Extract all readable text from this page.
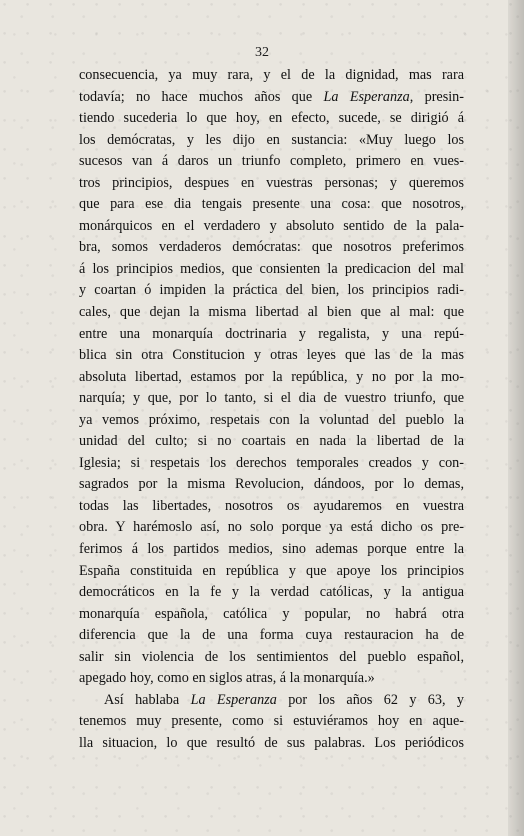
32
consecuencia, ya muy rara, y el de la dignidad, mas rara
todavía; no hace muchos años que La Esperanza, presin-
tiendo sucederia lo que hoy, en efecto, sucede, se dirigió á
los demócratas, y les dijo en sustancia: «Muy luego los
sucesos van á daros un triunfo completo, primero en vues-
tros principios, despues en vuestras personas; y queremos
que para ese dia tengais presente una cosa: que nosotros,
monárquicos en el verdadero y absoluto sentido de la pala-
bra, somos verdaderos demócratas: que nosotros preferimos
á los principios medios, que consienten la predicacion del mal
y coartan ó impiden la práctica del bien, los principios radi-
cales, que dejan la misma libertad al bien que al mal: que
entre una monarquía doctrinaria y regalista, y una repú-
blica sin otra Constitucion y otras leyes que las de la mas
absoluta libertad, estamos por la república, y no por la mo-
narquía; y que, por lo tanto, si el dia de vuestro triunfo, que
ya vemos próximo, respetais con la voluntad del pueblo la
unidad del culto; si no coartais en nada la libertad de la
Iglesia; si respetais los derechos temporales creados y con-
sagrados por la misma Revolucion, dándoos, por lo demas,
todas las libertades, nosotros os ayudaremos en vuestra
obra. Y harémoslo así, no solo porque ya está dicho os pre-
ferimos á los partidos medios, sino ademas porque entre la
España constituida en república y que apoye los principios
democráticos en la fe y la verdad católicas, y la antigua
monarquía española, católica y popular, no habrá otra
diferencia que la de una forma cuya restauracion ha de
salir sin violencia de los sentimientos del pueblo español,
apegado hoy, como en siglos atras, á la monarquía.»
Así hablaba La Esperanza por los años 62 y 63, y
tenemos muy presente, como si estuviéramos hoy en aque-
lla situacion, lo que resultó de sus palabras. Los periódicos
